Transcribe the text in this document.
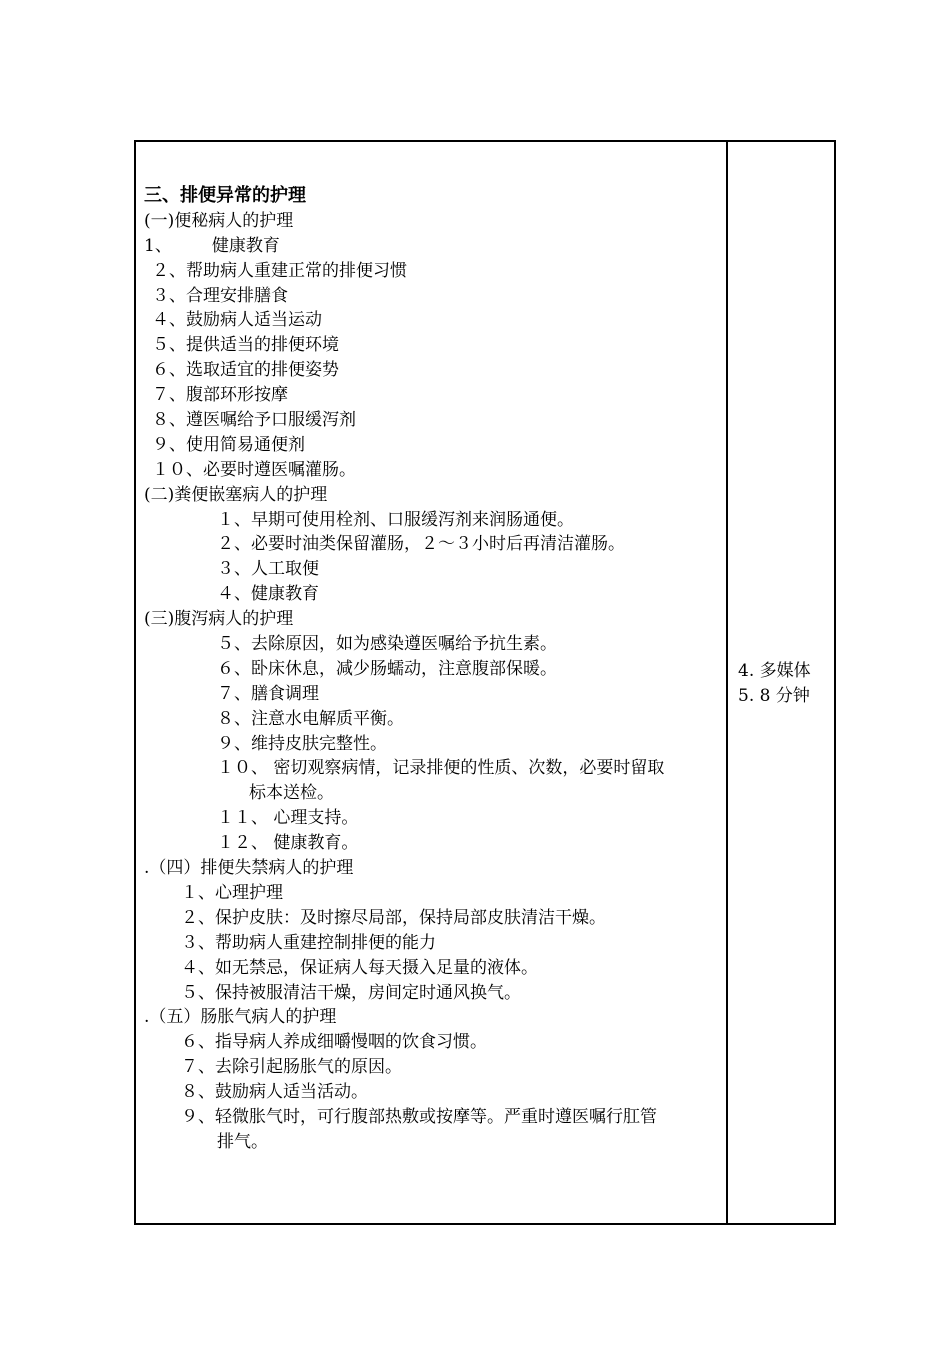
三、排便异常的护理
(一)便秘病人的护理
1、 健康教育
２、帮助病人重建正常的排便习惯
３、合理安排膳食
４、鼓励病人适当运动
５、提供适当的排便环境
６、选取适宜的排便姿势
７、腹部环形按摩
８、遵医嘱给予口服缓泻剂
９、使用简易通便剂
１０、必要时遵医嘱灌肠。
(二)粪便嵌塞病人的护理
１、早期可使用栓剂、口服缓泻剂来润肠通便。
２、必要时油类保留灌肠，２～３小时后再清洁灌肠。
３、人工取便
４、健康教育
(三)腹泻病人的护理
５、去除原因，如为感染遵医嘱给予抗生素。
６、卧床休息，减少肠蠕动，注意腹部保暖。
７、膳食调理
８、注意水电解质平衡。
９、维持皮肤完整性。
１０、 密切观察病情，记录排便的性质、次数，必要时留取
标本送检。
１１、 心理支持。
１２、 健康教育。
.（四）排便失禁病人的护理
１、心理护理
２、保护皮肤：及时擦尽局部，保持局部皮肤清洁干燥。
３、帮助病人重建控制排便的能力
４、如无禁忌，保证病人每天摄入足量的液体。
５、保持被服清洁干燥，房间定时通风换气。
.（五）肠胀气病人的护理
６、指导病人养成细嚼慢咽的饮食习惯。
７、去除引起肠胀气的原因。
８、鼓励病人适当活动。
９、轻微胀气时，可行腹部热敷或按摩等。严重时遵医嘱行肛管
排气。
4. 多媒体
5. 8 分钟
